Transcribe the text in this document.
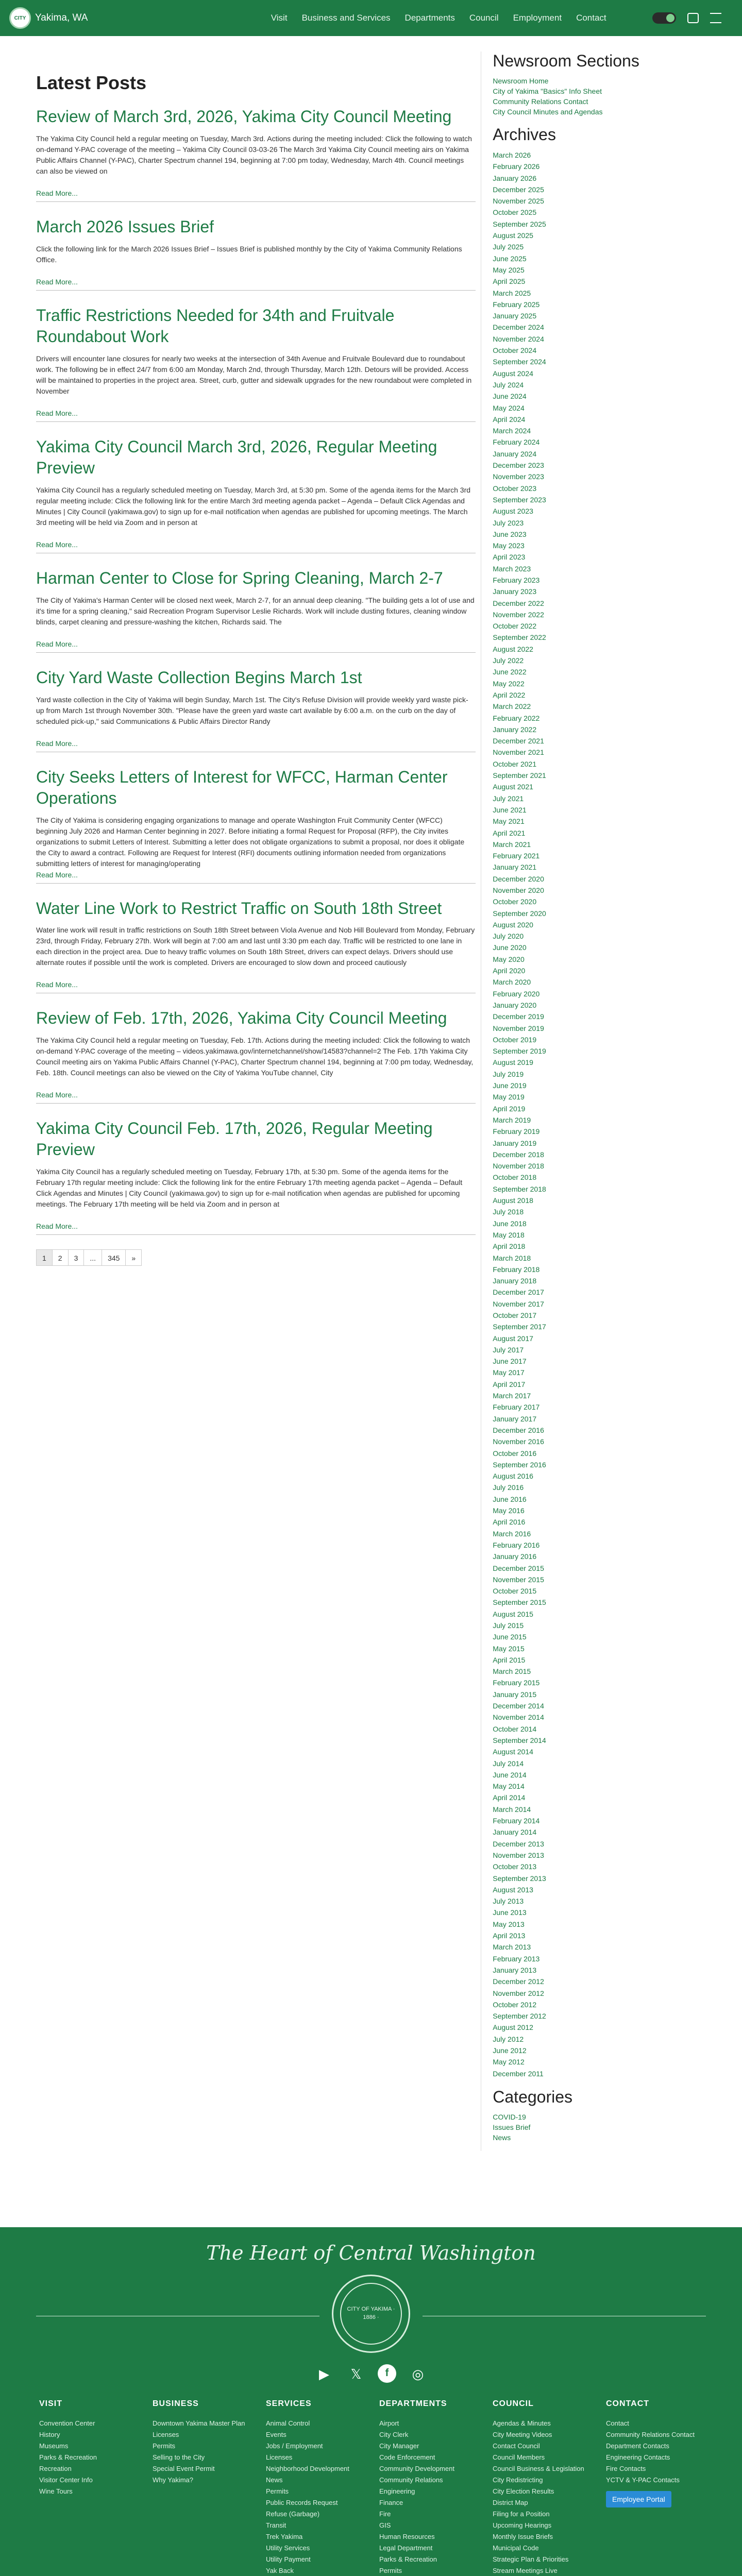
CITY Yakima, WA	Visit Business and Services Departments Council Employment Contact
Latest Posts
Review of March 3rd, 2026, Yakima City Council Meeting

The Yakima City Council held a regular meeting on Tuesday, March 3rd. Actions during the meeting included: Click the following to watch on-demand Y-PAC coverage of the meeting – Yakima City Council 03-03-26 The March 3rd Yakima City Council meeting airs on Yakima Public Affairs Channel (Y-PAC), Charter Spectrum channel 194, beginning at 7:00 pm today, Wednesday, March 4th. Council meetings can also be viewed on

Read More...
March 2026 Issues Brief

Click the following link for the March 2026 Issues Brief – Issues Brief is published monthly by the City of Yakima Community Relations Office.

Read More...
Traffic Restrictions Needed for 34th and Fruitvale Roundabout Work

Drivers will encounter lane closures for nearly two weeks at the intersection of 34th Avenue and Fruitvale Boulevard due to roundabout work. The following be in effect 24/7 from 6:00 am Monday, March 2nd, through Thursday, March 12th. Detours will be provided. Access will be maintained to properties in the project area. Street, curb, gutter and sidewalk upgrades for the new roundabout were completed in November

Read More...
Yakima City Council March 3rd, 2026, Regular Meeting Preview

Yakima City Council has a regularly scheduled meeting on Tuesday, March 3rd, at 5:30 pm. Some of the agenda items for the March 3rd regular meeting include: Click the following link for the entire March 3rd meeting agenda packet – Agenda – Default Click Agendas and Minutes | City Council (yakimawa.gov) to sign up for e-mail notification when agendas are published for upcoming meetings. The March 3rd meeting will be held via Zoom and in person at

Read More...
Harman Center to Close for Spring Cleaning, March 2-7

The City of Yakima's Harman Center will be closed next week, March 2-7, for an annual deep cleaning. "The building gets a lot of use and it's time for a spring cleaning," said Recreation Program Supervisor Leslie Richards. Work will include dusting fixtures, cleaning window blinds, carpet cleaning and pressure-washing the kitchen, Richards said. The

Read More...
City Yard Waste Collection Begins March 1st

Yard waste collection in the City of Yakima will begin Sunday, March 1st. The City's Refuse Division will provide weekly yard waste pick-up from March 1st through November 30th. "Please have the green yard waste cart available by 6:00 a.m. on the curb on the day of scheduled pick-up," said Communications & Public Affairs Director Randy

Read More...
City Seeks Letters of Interest for WFCC, Harman Center Operations

The City of Yakima is considering engaging organizations to manage and operate Washington Fruit Community Center (WFCC) beginning July 2026 and Harman Center beginning in 2027. Before initiating a formal Request for Proposal (RFP), the City invites organizations to submit Letters of Interest. Submitting a letter does not obligate organizations to submit a proposal, nor does it obligate the City to award a contract. Following are Request for Interest (RFI) documents outlining information needed from organizations submitting letters of interest for managing/operating

Read More...
Water Line Work to Restrict Traffic on South 18th Street

Water line work will result in traffic restrictions on South 18th Street between Viola Avenue and Nob Hill Boulevard from Monday, February 23rd, through Friday, February 27th. Work will begin at 7:00 am and last until 3:30 pm each day. Traffic will be restricted to one lane in each direction in the project area. Due to heavy traffic volumes on South 18th Street, drivers can expect delays. Drivers should use alternate routes if possible until the work is completed. Drivers are encouraged to slow down and proceed cautiously

Read More...
Review of Feb. 17th, 2026, Yakima City Council Meeting

The Yakima City Council held a regular meeting on Tuesday, Feb. 17th. Actions during the meeting included: Click the following to watch on-demand Y-PAC coverage of the meeting – videos.yakimawa.gov/internetchannel/show/14583?channel=2 The Feb. 17th Yakima City Council meeting airs on Yakima Public Affairs Channel (Y-PAC), Charter Spectrum channel 194, beginning at 7:00 pm today, Wednesday, Feb. 18th. Council meetings can also be viewed on the City of Yakima YouTube channel, City

Read More...
Yakima City Council Feb. 17th, 2026, Regular Meeting Preview

Yakima City Council has a regularly scheduled meeting on Tuesday, February 17th, at 5:30 pm. Some of the agenda items for the February 17th regular meeting include: Click the following link for the entire February 17th meeting agenda packet – Agenda – Default Click Agendas and Minutes | City Council (yakimawa.gov) to sign up for e-mail notification when agendas are published for upcoming meetings. The February 17th meeting will be held via Zoom and in person at

Read More...
1	2	3	...	345	»
Newsroom Sections
Newsroom Home
City of Yakima "Basics" Info Sheet
Community Relations Contact
City Council Minutes and Agendas
Archives
March 2026
February 2026
January 2026
December 2025
November 2025
October 2025
September 2025
August 2025
July 2025
June 2025
May 2025
April 2025
March 2025
February 2025
January 2025
December 2024
November 2024
October 2024
September 2024
August 2024
July 2024
June 2024
May 2024
April 2024
March 2024
February 2024
January 2024
December 2023
November 2023
October 2023
September 2023
August 2023
July 2023
June 2023
May 2023
April 2023
March 2023
February 2023
January 2023
December 2022
November 2022
October 2022
September 2022
August 2022
July 2022
June 2022
May 2022
April 2022
March 2022
February 2022
January 2022
December 2021
November 2021
October 2021
September 2021
August 2021
July 2021
June 2021
May 2021
April 2021
March 2021
February 2021
January 2021
December 2020
November 2020
October 2020
September 2020
August 2020
July 2020
June 2020
May 2020
April 2020
March 2020
February 2020
January 2020
December 2019
November 2019
October 2019
September 2019
August 2019
July 2019
June 2019
May 2019
April 2019
March 2019
February 2019
January 2019
December 2018
November 2018
October 2018
September 2018
August 2018
July 2018
June 2018
May 2018
April 2018
March 2018
February 2018
January 2018
December 2017
November 2017
October 2017
September 2017
August 2017
July 2017
June 2017
May 2017
April 2017
March 2017
February 2017
January 2017
December 2016
November 2016
October 2016
September 2016
August 2016
July 2016
June 2016
May 2016
April 2016
March 2016
February 2016
January 2016
December 2015
November 2015
October 2015
September 2015
August 2015
July 2015
June 2015
May 2015
April 2015
March 2015
February 2015
January 2015
December 2014
November 2014
October 2014
September 2014
August 2014
July 2014
June 2014
May 2014
April 2014
March 2014
February 2014
January 2014
December 2013
November 2013
October 2013
September 2013
August 2013
July 2013
June 2013
May 2013
April 2013
March 2013
February 2013
January 2013
December 2012
November 2012
October 2012
September 2012
August 2012
July 2012
June 2012
May 2012
December 2011
Categories
COVID-19
Issues Brief
News
The Heart of Central Washington
CITY OF YAKIMA · 1886 ·
▶	𝕏	f	◎
VISIT
Convention Center
History
Museums
Parks & Recreation
Recreation
Visitor Center Info
Wine Tours
BUSINESS
Downtown Yakima Master Plan
Licenses
Permits
Selling to the City
Special Event Permit
Why Yakima?
SERVICES
Animal Control
Events
Jobs / Employment
Licenses
Neighborhood Development
News
Permits
Public Records Request
Refuse (Garbage)
Transit
Trek Yakima
Utility Services
Utility Payment
Yak Back
DEPARTMENTS
Airport
City Clerk
City Manager
Code Enforcement
Community Development
Community Relations
Engineering
Finance
Fire
GIS
Human Resources
Legal Department
Parks & Recreation
Permits
COUNCIL
Agendas & Minutes
City Meeting Videos
Contact Council
Council Members
Council Business & Legislation
City Redistricting
City Election Results
District Map
Filing for a Position
Upcoming Hearings
Monthly Issue Briefs
Municipal Code
Strategic Plan & Priorities
Stream Meetings Live
CONTACT
Contact
Community Relations Contact
Department Contacts
Engineering Contacts
Fire Contacts
YCTV & Y-PAC Contacts
Employee Portal
